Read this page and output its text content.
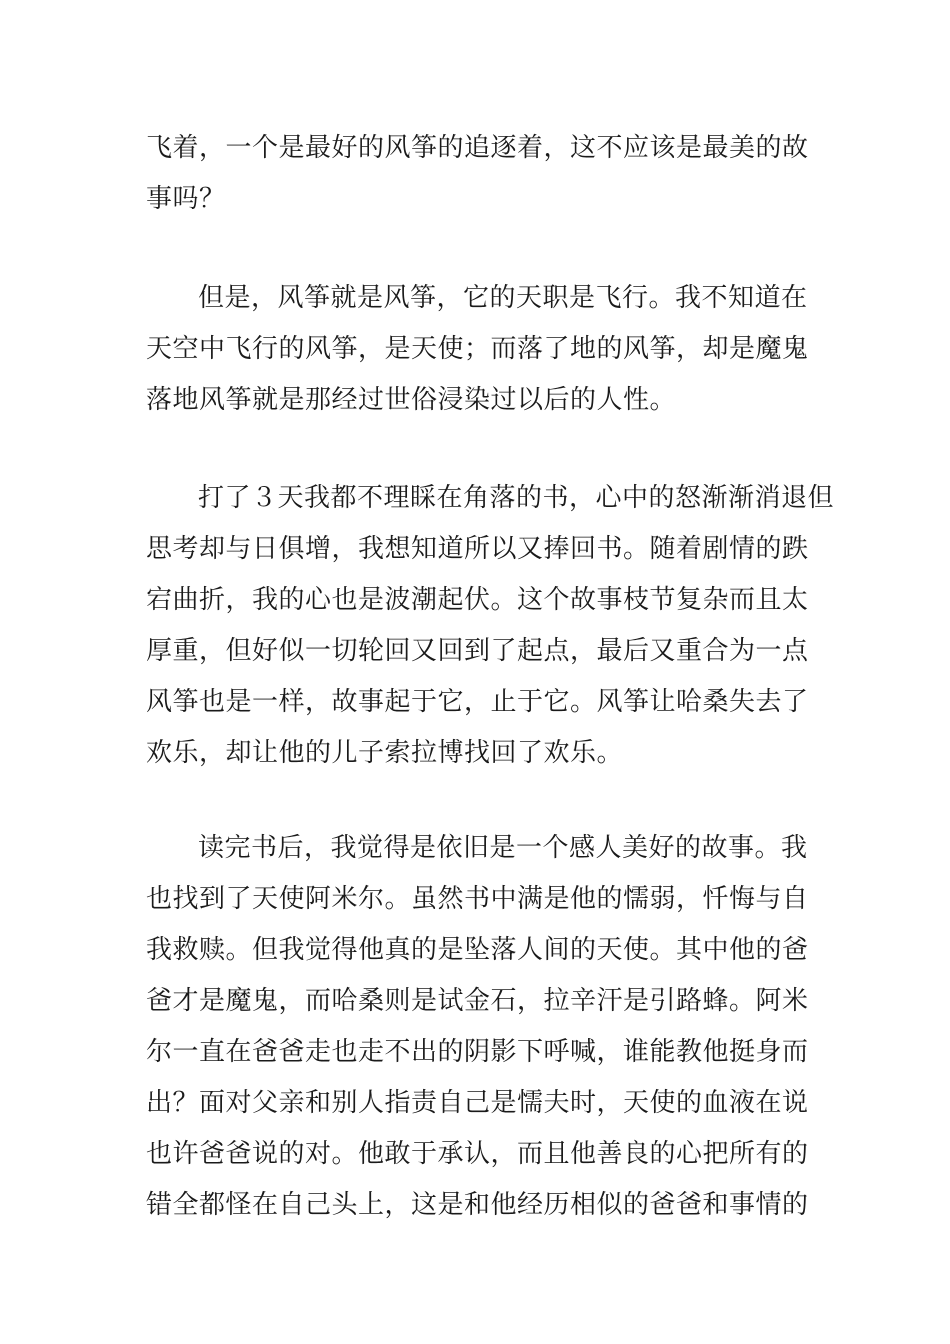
飞着，一个是最好的风筝的追逐着，这不应该是最美的故
事吗？
但是，风筝就是风筝，它的天职是飞行。我不知道在
天空中飞行的风筝，是天使；而落了地的风筝，却是魔鬼
落地风筝就是那经过世俗浸染过以后的人性。
打了３天我都不理睬在角落的书，心中的怒渐渐消退但
思考却与日俱增，我想知道所以又捧回书。随着剧情的跌
宕曲折，我的心也是波潮起伏。这个故事枝节复杂而且太
厚重，但好似一切轮回又回到了起点，最后又重合为一点
风筝也是一样，故事起于它，止于它。风筝让哈桑失去了
欢乐，却让他的儿子索拉博找回了欢乐。
读完书后，我觉得是依旧是一个感人美好的故事。我
也找到了天使阿米尔。虽然书中满是他的懦弱，忏悔与自
我救赎。但我觉得他真的是坠落人间的天使。其中他的爸
爸才是魔鬼，而哈桑则是试金石，拉辛汗是引路蜂。阿米
尔一直在爸爸走也走不出的阴影下呼喊，谁能教他挺身而
出？面对父亲和别人指责自己是懦夫时，天使的血液在说
也许爸爸说的对。他敢于承认，而且他善良的心把所有的
错全都怪在自己头上，这是和他经历相似的爸爸和事情的
